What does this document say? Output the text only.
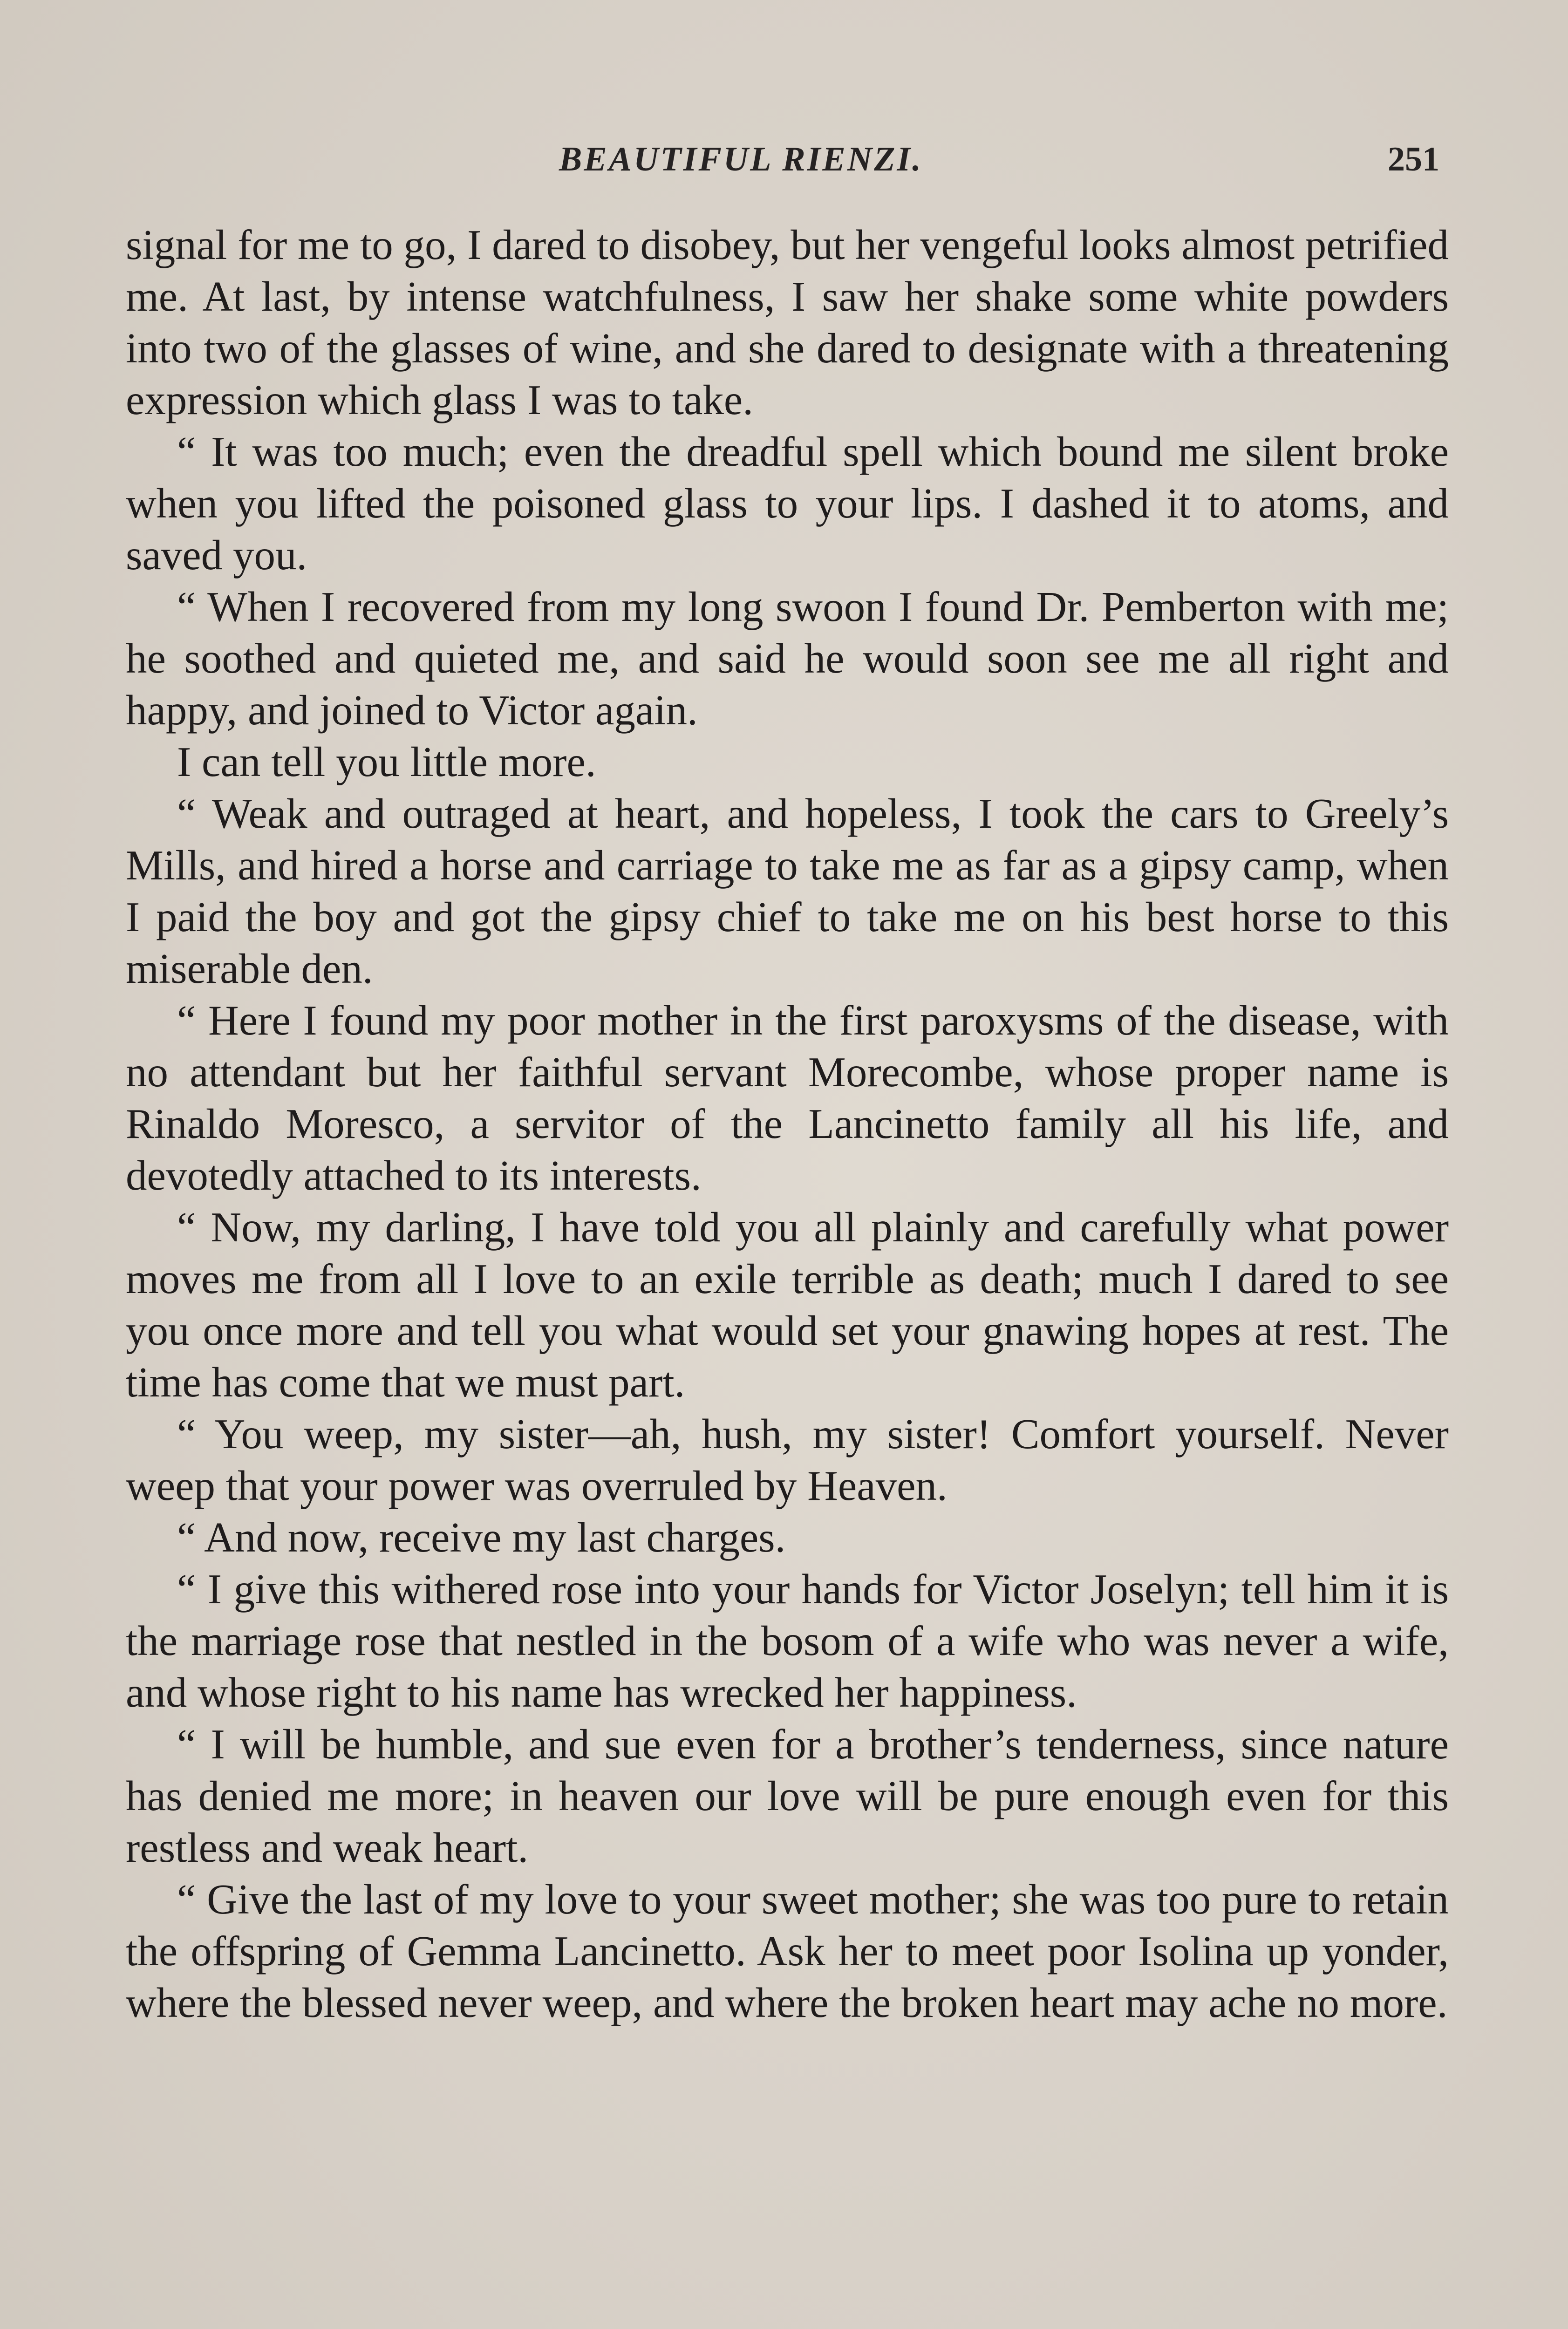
BEAUTIFUL RIENZI.	251

signal for me to go, I dared to disobey, but her vengeful looks almost petrified me. At last, by intense watchfulness, I saw her shake some white powders into two of the glasses of wine, and she dared to designate with a threatening expression which glass I was to take.

“ It was too much; even the dreadful spell which bound me silent broke when you lifted the poisoned glass to your lips. I dashed it to atoms, and saved you.

“ When I recovered from my long swoon I found Dr. Pemberton with me; he soothed and quieted me, and said he would soon see me all right and happy, and joined to Victor again.

I can tell you little more.

“ Weak and outraged at heart, and hopeless, I took the cars to Greely’s Mills, and hired a horse and carriage to take me as far as a gipsy camp, when I paid the boy and got the gipsy chief to take me on his best horse to this miserable den.

“ Here I found my poor mother in the first paroxysms of the disease, with no attendant but her faithful servant Morecombe, whose proper name is Rinaldo Moresco, a servitor of the Lancinetto family all his life, and devotedly attached to its interests.

“ Now, my darling, I have told you all plainly and carefully what power moves me from all I love to an exile terrible as death; much I dared to see you once more and tell you what would set your gnawing hopes at rest. The time has come that we must part.

“ You weep, my sister—ah, hush, my sister! Comfort yourself. Never weep that your power was overruled by Heaven.

“ And now, receive my last charges.

“ I give this withered rose into your hands for Victor Joselyn; tell him it is the marriage rose that nestled in the bosom of a wife who was never a wife, and whose right to his name has wrecked her happiness.

“ I will be humble, and sue even for a brother’s tenderness, since nature has denied me more; in heaven our love will be pure enough even for this restless and weak heart.

“ Give the last of my love to your sweet mother; she was too pure to retain the offspring of Gemma Lancinetto. Ask her to meet poor Isolina up yonder, where the blessed never weep, and where the broken heart may ache no more.
